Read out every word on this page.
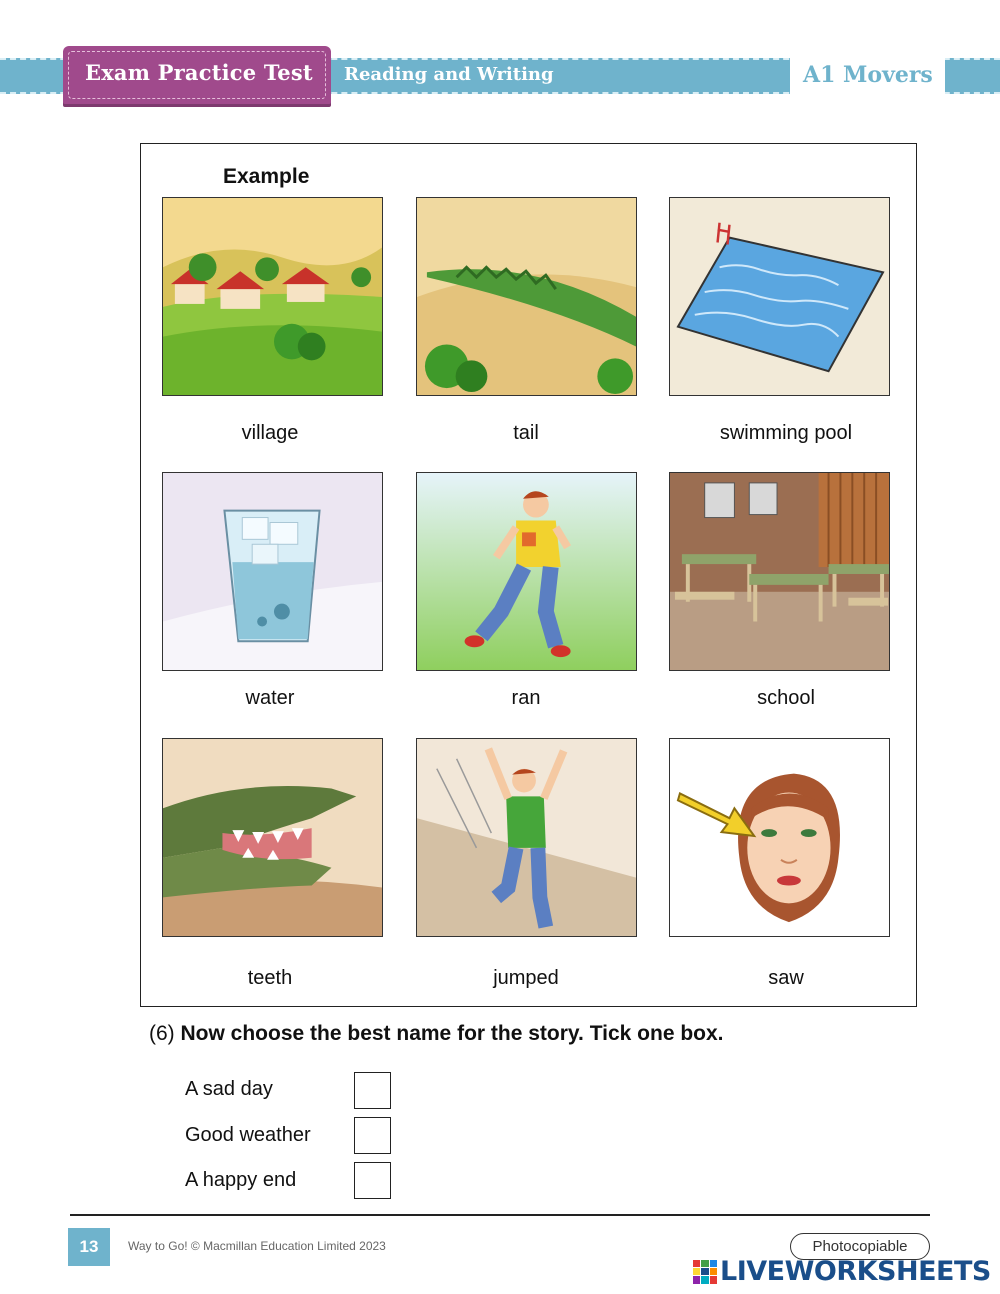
Exam Practice Test Reading and Writing	A1 Movers
Example
village	tail	swimming pool
water	ran	school
teeth	jumped	saw
(6) Now choose the best name for the story. Tick one box.
A sad day
Good weather
A happy end
13	Way to Go! © Macmillan Education Limited 2023	Photocopiable
LIVEWORKSHEETS
